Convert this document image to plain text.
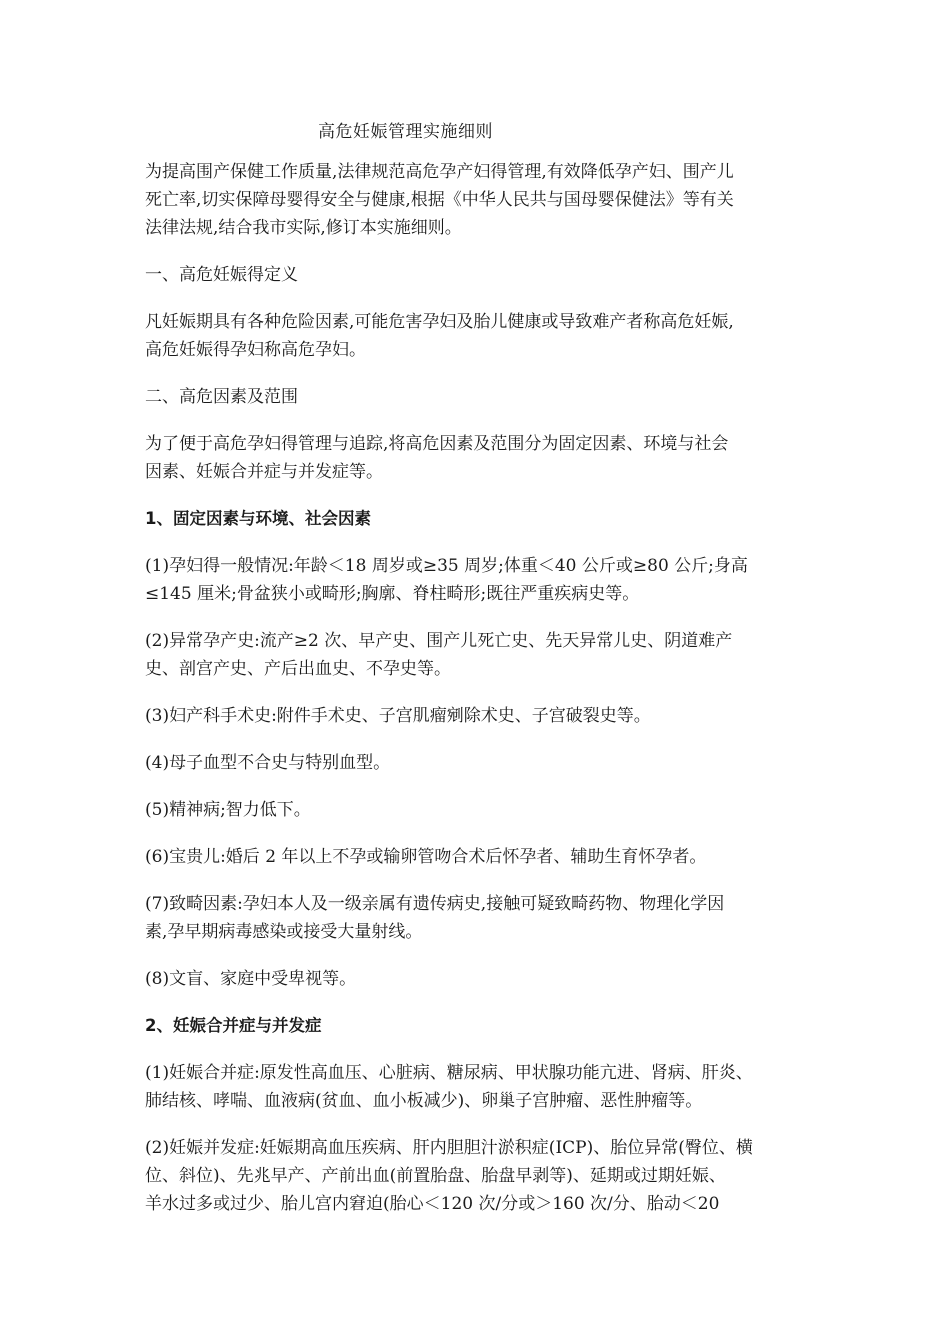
高危妊娠管理实施细则

为提高围产保健工作质量,法律规范高危孕产妇得管理,有效降低孕产妇、围产儿
死亡率,切实保障母婴得安全与健康,根据《中华人民共与国母婴保健法》等有关
法律法规,结合我市实际,修订本实施细则。

一、高危妊娠得定义

凡妊娠期具有各种危险因素,可能危害孕妇及胎儿健康或导致难产者称高危妊娠,
高危妊娠得孕妇称高危孕妇。

二、高危因素及范围

为了便于高危孕妇得管理与追踪,将高危因素及范围分为固定因素、环境与社会
因素、妊娠合并症与并发症等。

1、固定因素与环境、社会因素

(1)孕妇得一般情况:年龄＜18 周岁或≥35 周岁;体重＜40 公斤或≥80 公斤;身高
≤145 厘米;骨盆狭小或畸形;胸廓、脊柱畸形;既往严重疾病史等。

(2)异常孕产史:流产≥2 次、早产史、围产儿死亡史、先天异常儿史、阴道难产
史、剖宫产史、产后出血史、不孕史等。

(3)妇产科手术史:附件手术史、子宫肌瘤剜除术史、子宫破裂史等。

(4)母子血型不合史与特别血型。

(5)精神病;智力低下。

(6)宝贵儿:婚后 2 年以上不孕或输卵管吻合术后怀孕者、辅助生育怀孕者。

(7)致畸因素:孕妇本人及一级亲属有遗传病史,接触可疑致畸药物、物理化学因
素,孕早期病毒感染或接受大量射线。

(8)文盲、家庭中受卑视等。

2、妊娠合并症与并发症

(1)妊娠合并症:原发性高血压、心脏病、糖尿病、甲状腺功能亢进、肾病、肝炎、
肺结核、哮喘、血液病(贫血、血小板减少)、卵巢子宫肿瘤、恶性肿瘤等。

(2)妊娠并发症:妊娠期高血压疾病、肝内胆胆汁淤积症(ICP)、胎位异常(臀位、横
位、斜位)、先兆早产、产前出血(前置胎盘、胎盘早剥等)、延期或过期妊娠、
羊水过多或过少、胎儿宫内窘迫(胎心＜120 次/分或＞160 次/分、胎动＜20
